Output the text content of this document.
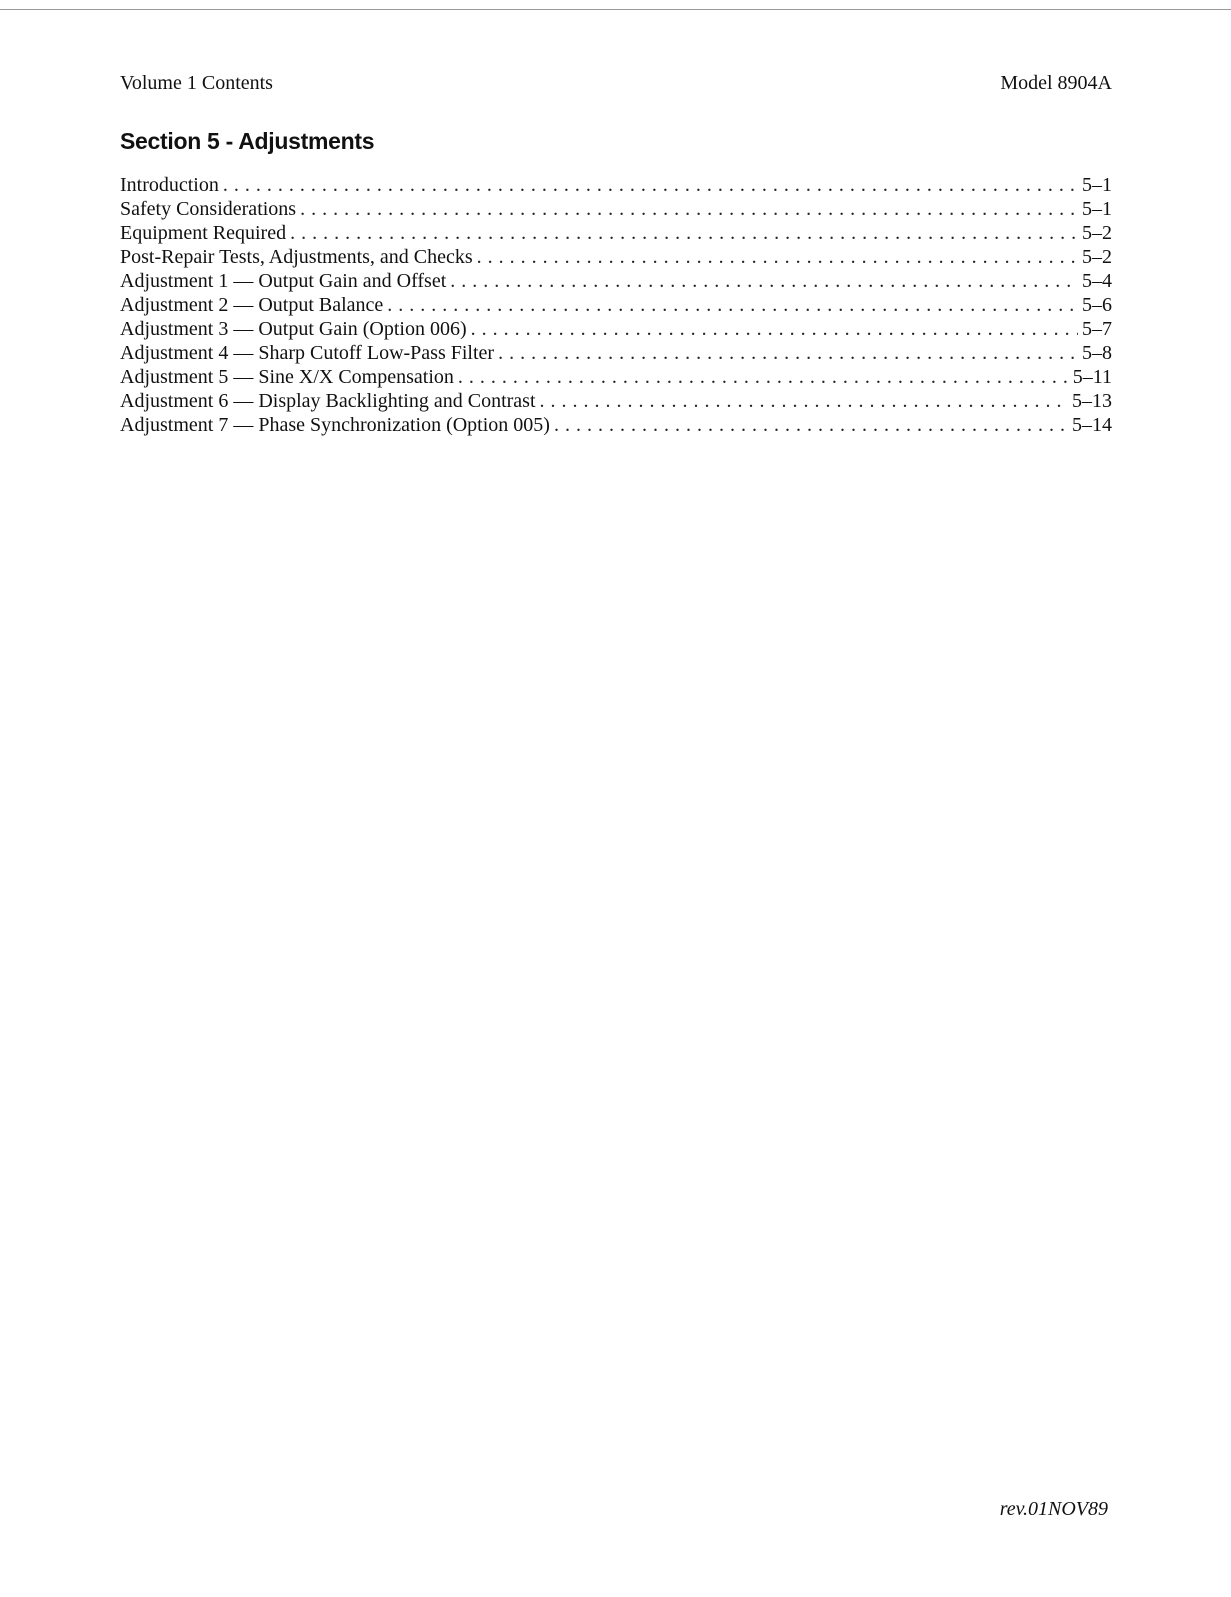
Volume 1 Contents	Model 8904A
Section 5 - Adjustments
Introduction . . .	5–1
Safety Considerations . . .	5–1
Equipment Required . . .	5–2
Post-Repair Tests, Adjustments, and Checks . . .	5–2
Adjustment 1 — Output Gain and Offset . . .	5–4
Adjustment 2 — Output Balance . . .	5–6
Adjustment 3 — Output Gain (Option 006) . . .	5–7
Adjustment 4 — Sharp Cutoff Low-Pass Filter . . .	5–8
Adjustment 5 — Sine X/X Compensation . . .	5–11
Adjustment 6 — Display Backlighting and Contrast . . .	5–13
Adjustment 7 — Phase Synchronization (Option 005) . . .	5–14
rev.01NOV89
